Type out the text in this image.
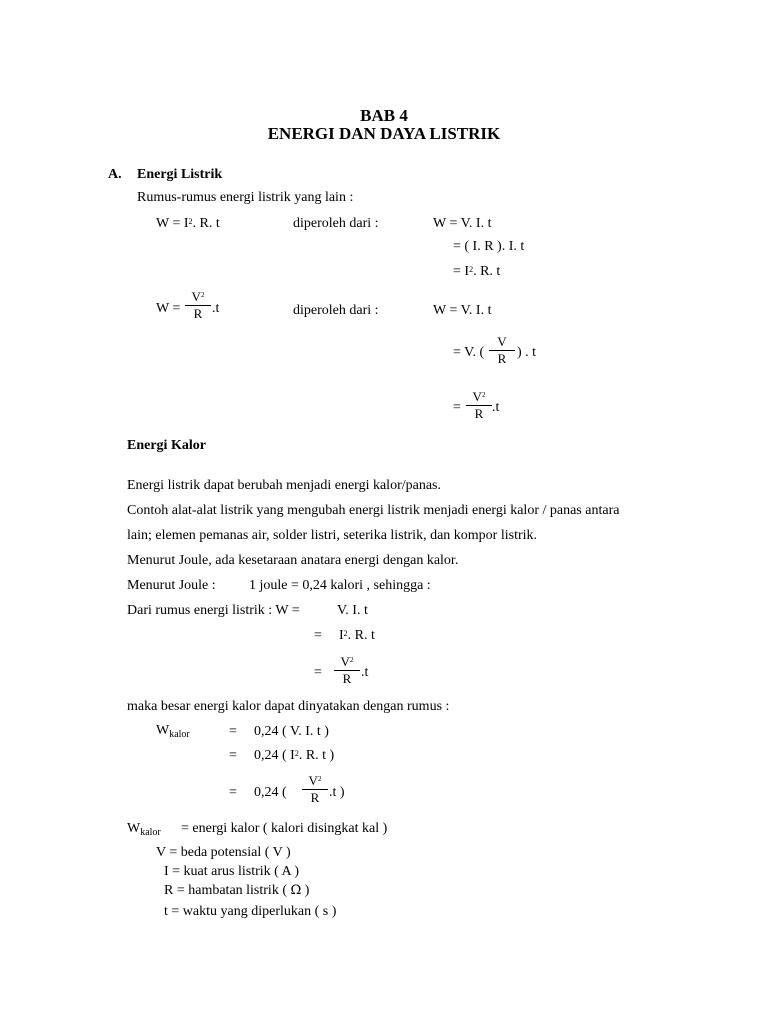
BAB 4
ENERGI DAN DAYA LISTRIK
A. Energi Listrik
Rumus-rumus energi listrik yang lain :
$W = I^2$. R. t	diperoleh dari :	W = V. I. t
= ( I. R ). I. t
= $I^2$. R. t
$W = \frac{V^2}{R} .t$	diperoleh dari :	W = V. I. t
= V. ( $\frac{V}{R}$ ) . t
= $\frac{V^2}{R} .t$
Energi Kalor
Energi listrik dapat berubah menjadi energi kalor/panas.
Contoh alat-alat listrik yang mengubah energi listrik menjadi energi kalor / panas antara
lain; elemen pemanas air, solder listri, seterika listrik, dan kompor listrik.
Menurut Joule, ada kesetaraan anatara energi dengan kalor.
Menurut Joule : 1 joule = 0,24 kalori , sehingga :
Dari rumus energi listrik : W =	V. I. t
= $I^2$. R. t
= $\frac{V^2}{R} .t$
maka besar energi kalor dapat dinyatakan dengan rumus :
$W_{kalor}$	= 0,24 ( V. I. t )
= 0,24 ( $I^2$. R. t )
= 0,24 ( $\frac{V^2}{R} .t$ )
$W_{kalor}$ = energi kalor ( kalori disingkat kal )
V = beda potensial ( V )
I = kuat arus listrik ( A )
R = hambatan listrik ( Ω )
t = waktu yang diperlukan ( s )
